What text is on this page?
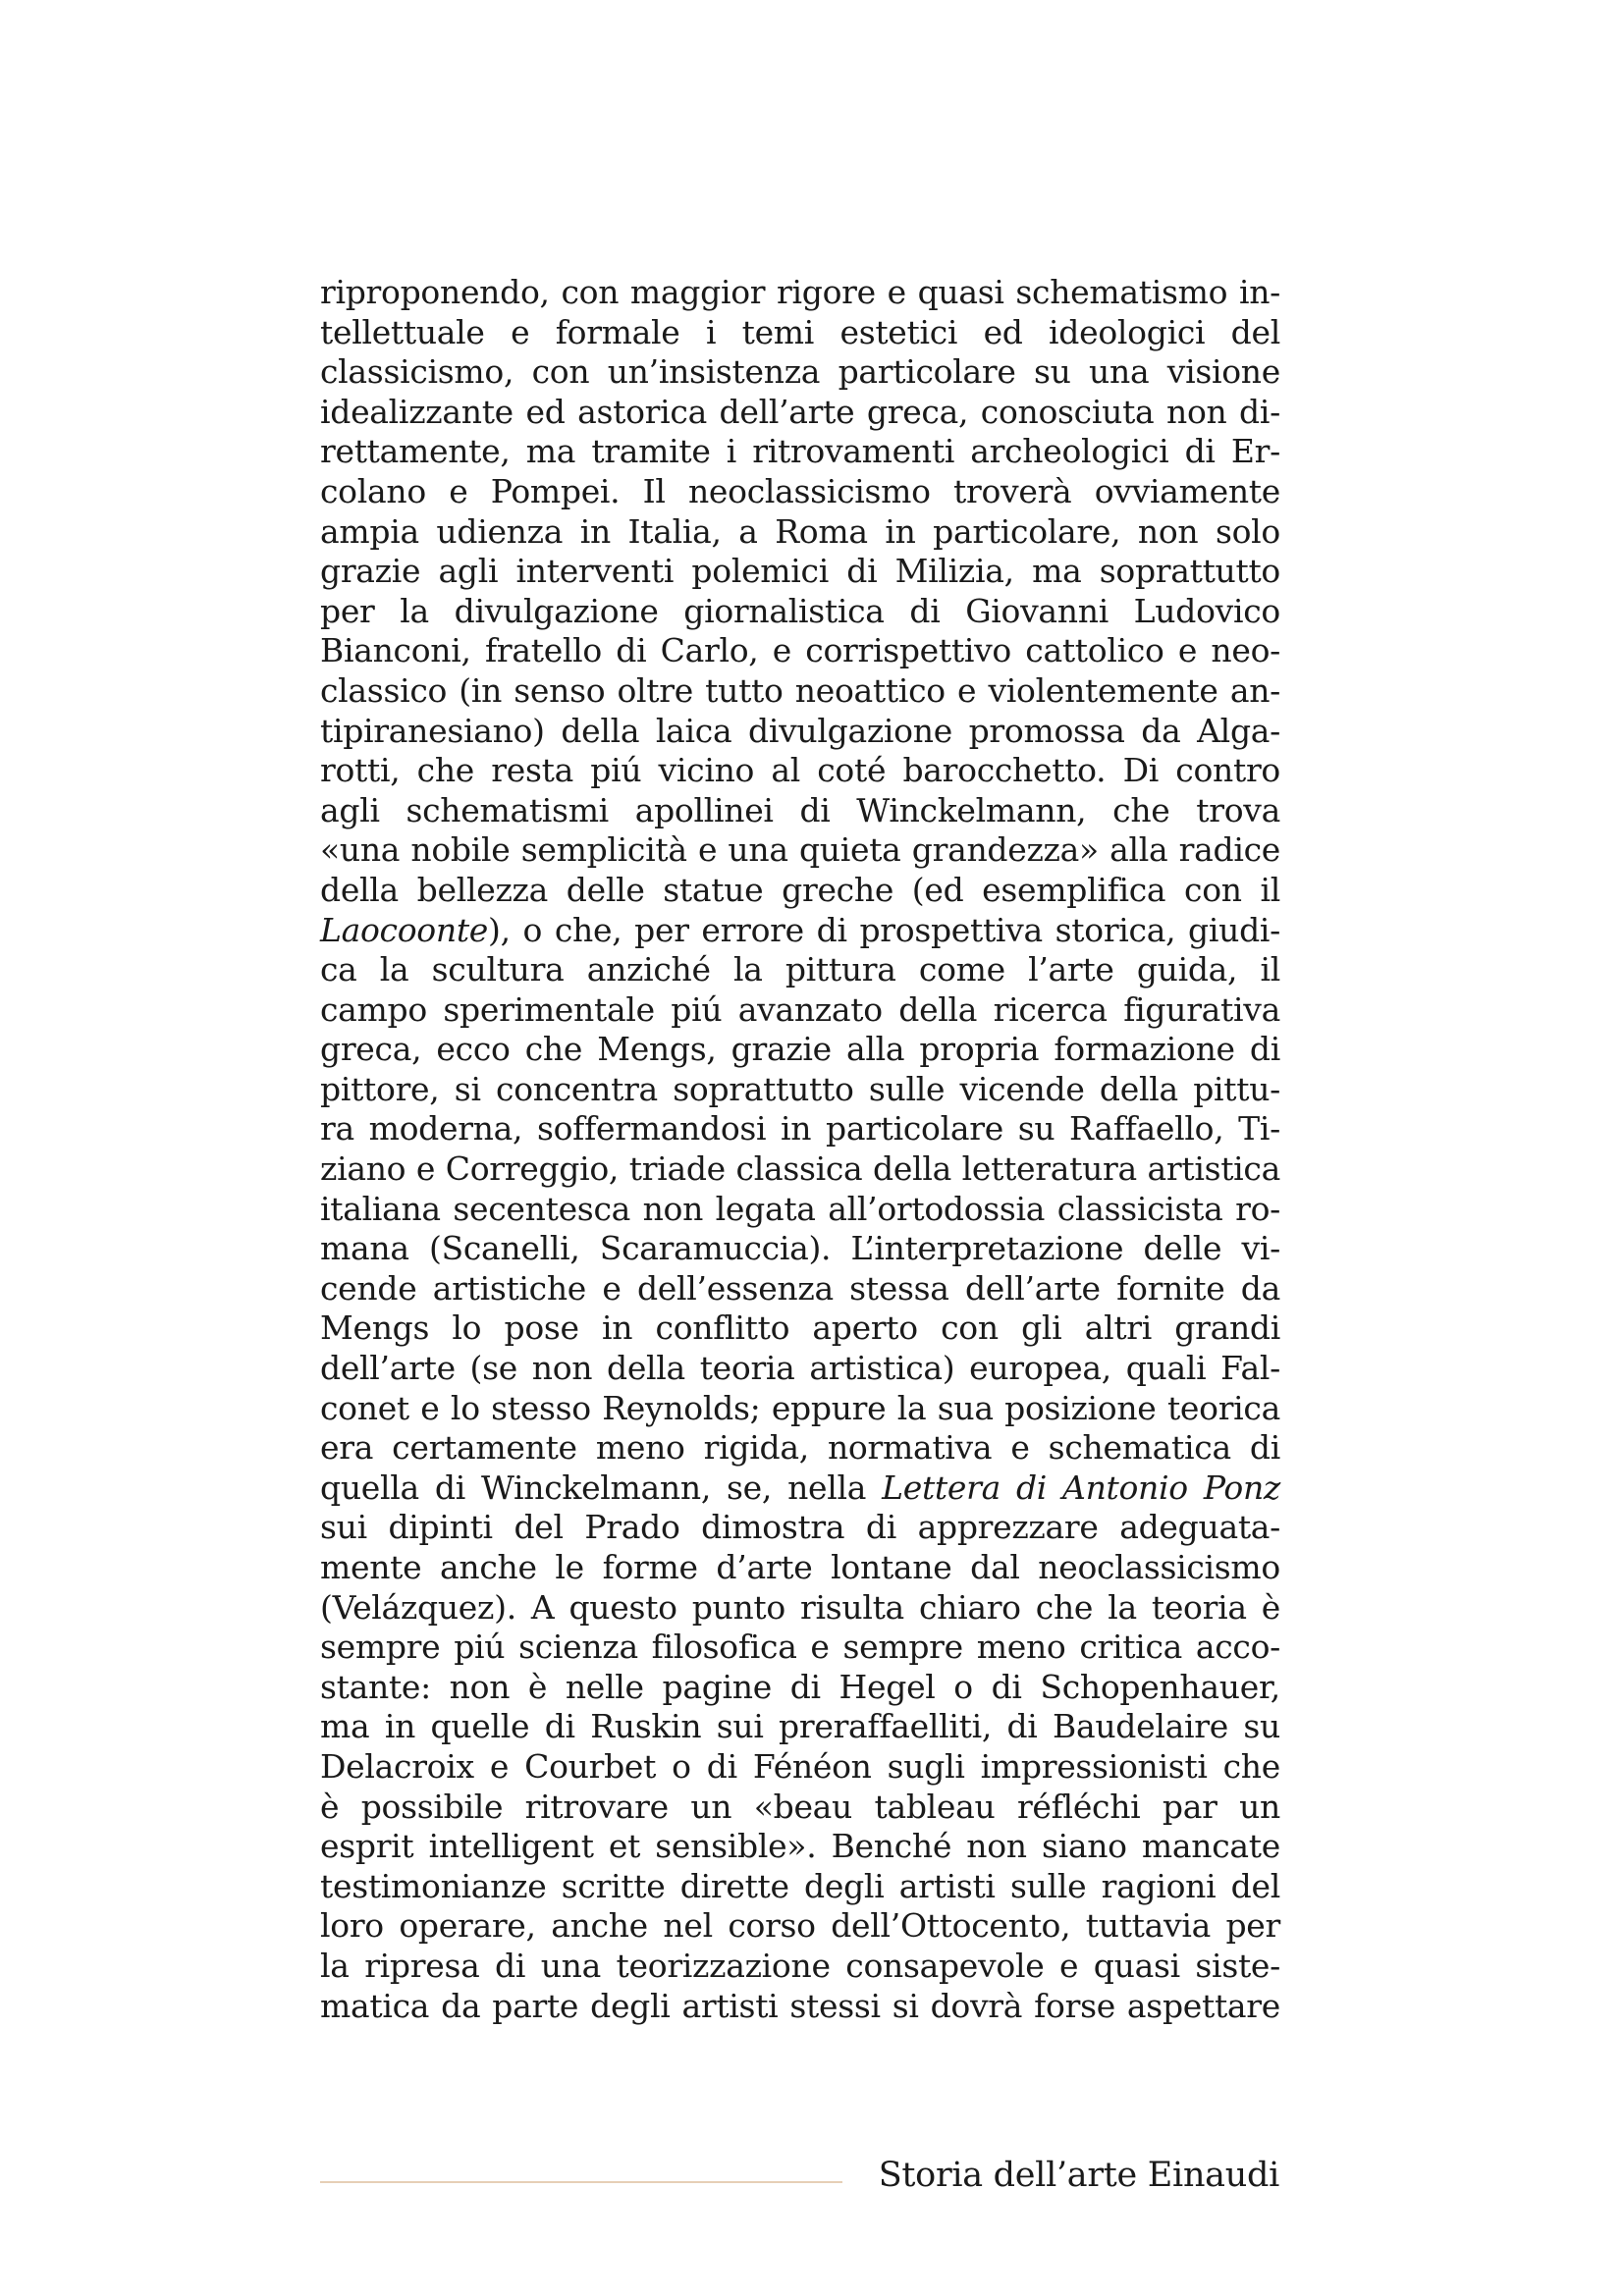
riproponendo, con maggior rigore e quasi schematismo in-
tellettuale e formale i temi estetici ed ideologici del
classicismo, con un’insistenza particolare su una visione
idealizzante ed astorica dell’arte greca, conosciuta non di-
rettamente, ma tramite i ritrovamenti archeologici di Er-
colano e Pompei. Il neoclassicismo troverà ovviamente
ampia udienza in Italia, a Roma in particolare, non solo
grazie agli interventi polemici di Milizia, ma soprattutto
per la divulgazione giornalistica di Giovanni Ludovico
Bianconi, fratello di Carlo, e corrispettivo cattolico e neo-
classico (in senso oltre tutto neoattico e violentemente an-
tipiranesiano) della laica divulgazione promossa da Alga-
rotti, che resta piú vicino al coté barocchetto. Di contro
agli schematismi apollinei di Winckelmann, che trova
«una nobile semplicità e una quieta grandezza» alla radice
della bellezza delle statue greche (ed esemplifica con il
Laocoonte), o che, per errore di prospettiva storica, giudi-
ca la scultura anziché la pittura come l’arte guida, il
campo sperimentale piú avanzato della ricerca figurativa
greca, ecco che Mengs, grazie alla propria formazione di
pittore, si concentra soprattutto sulle vicende della pittu-
ra moderna, soffermandosi in particolare su Raffaello, Ti-
ziano e Correggio, triade classica della letteratura artistica
italiana secentesca non legata all’ortodossia classicista ro-
mana (Scanelli, Scaramuccia). L’interpretazione delle vi-
cende artistiche e dell’essenza stessa dell’arte fornite da
Mengs lo pose in conflitto aperto con gli altri grandi
dell’arte (se non della teoria artistica) europea, quali Fal-
conet e lo stesso Reynolds; eppure la sua posizione teorica
era certamente meno rigida, normativa e schematica di
quella di Winckelmann, se, nella Lettera di Antonio Ponz
sui dipinti del Prado dimostra di apprezzare adeguata-
mente anche le forme d’arte lontane dal neoclassicismo
(Velázquez). A questo punto risulta chiaro che la teoria è
sempre piú scienza filosofica e sempre meno critica acco-
stante: non è nelle pagine di Hegel o di Schopenhauer,
ma in quelle di Ruskin sui preraffaelliti, di Baudelaire su
Delacroix e Courbet o di Fénéon sugli impressionisti che
è possibile ritrovare un «beau tableau réfléchi par un
esprit intelligent et sensible». Benché non siano mancate
testimonianze scritte dirette degli artisti sulle ragioni del
loro operare, anche nel corso dell’Ottocento, tuttavia per
la ripresa di una teorizzazione consapevole e quasi siste-
matica da parte degli artisti stessi si dovrà forse aspettare
Storia dell’arte Einaudi
